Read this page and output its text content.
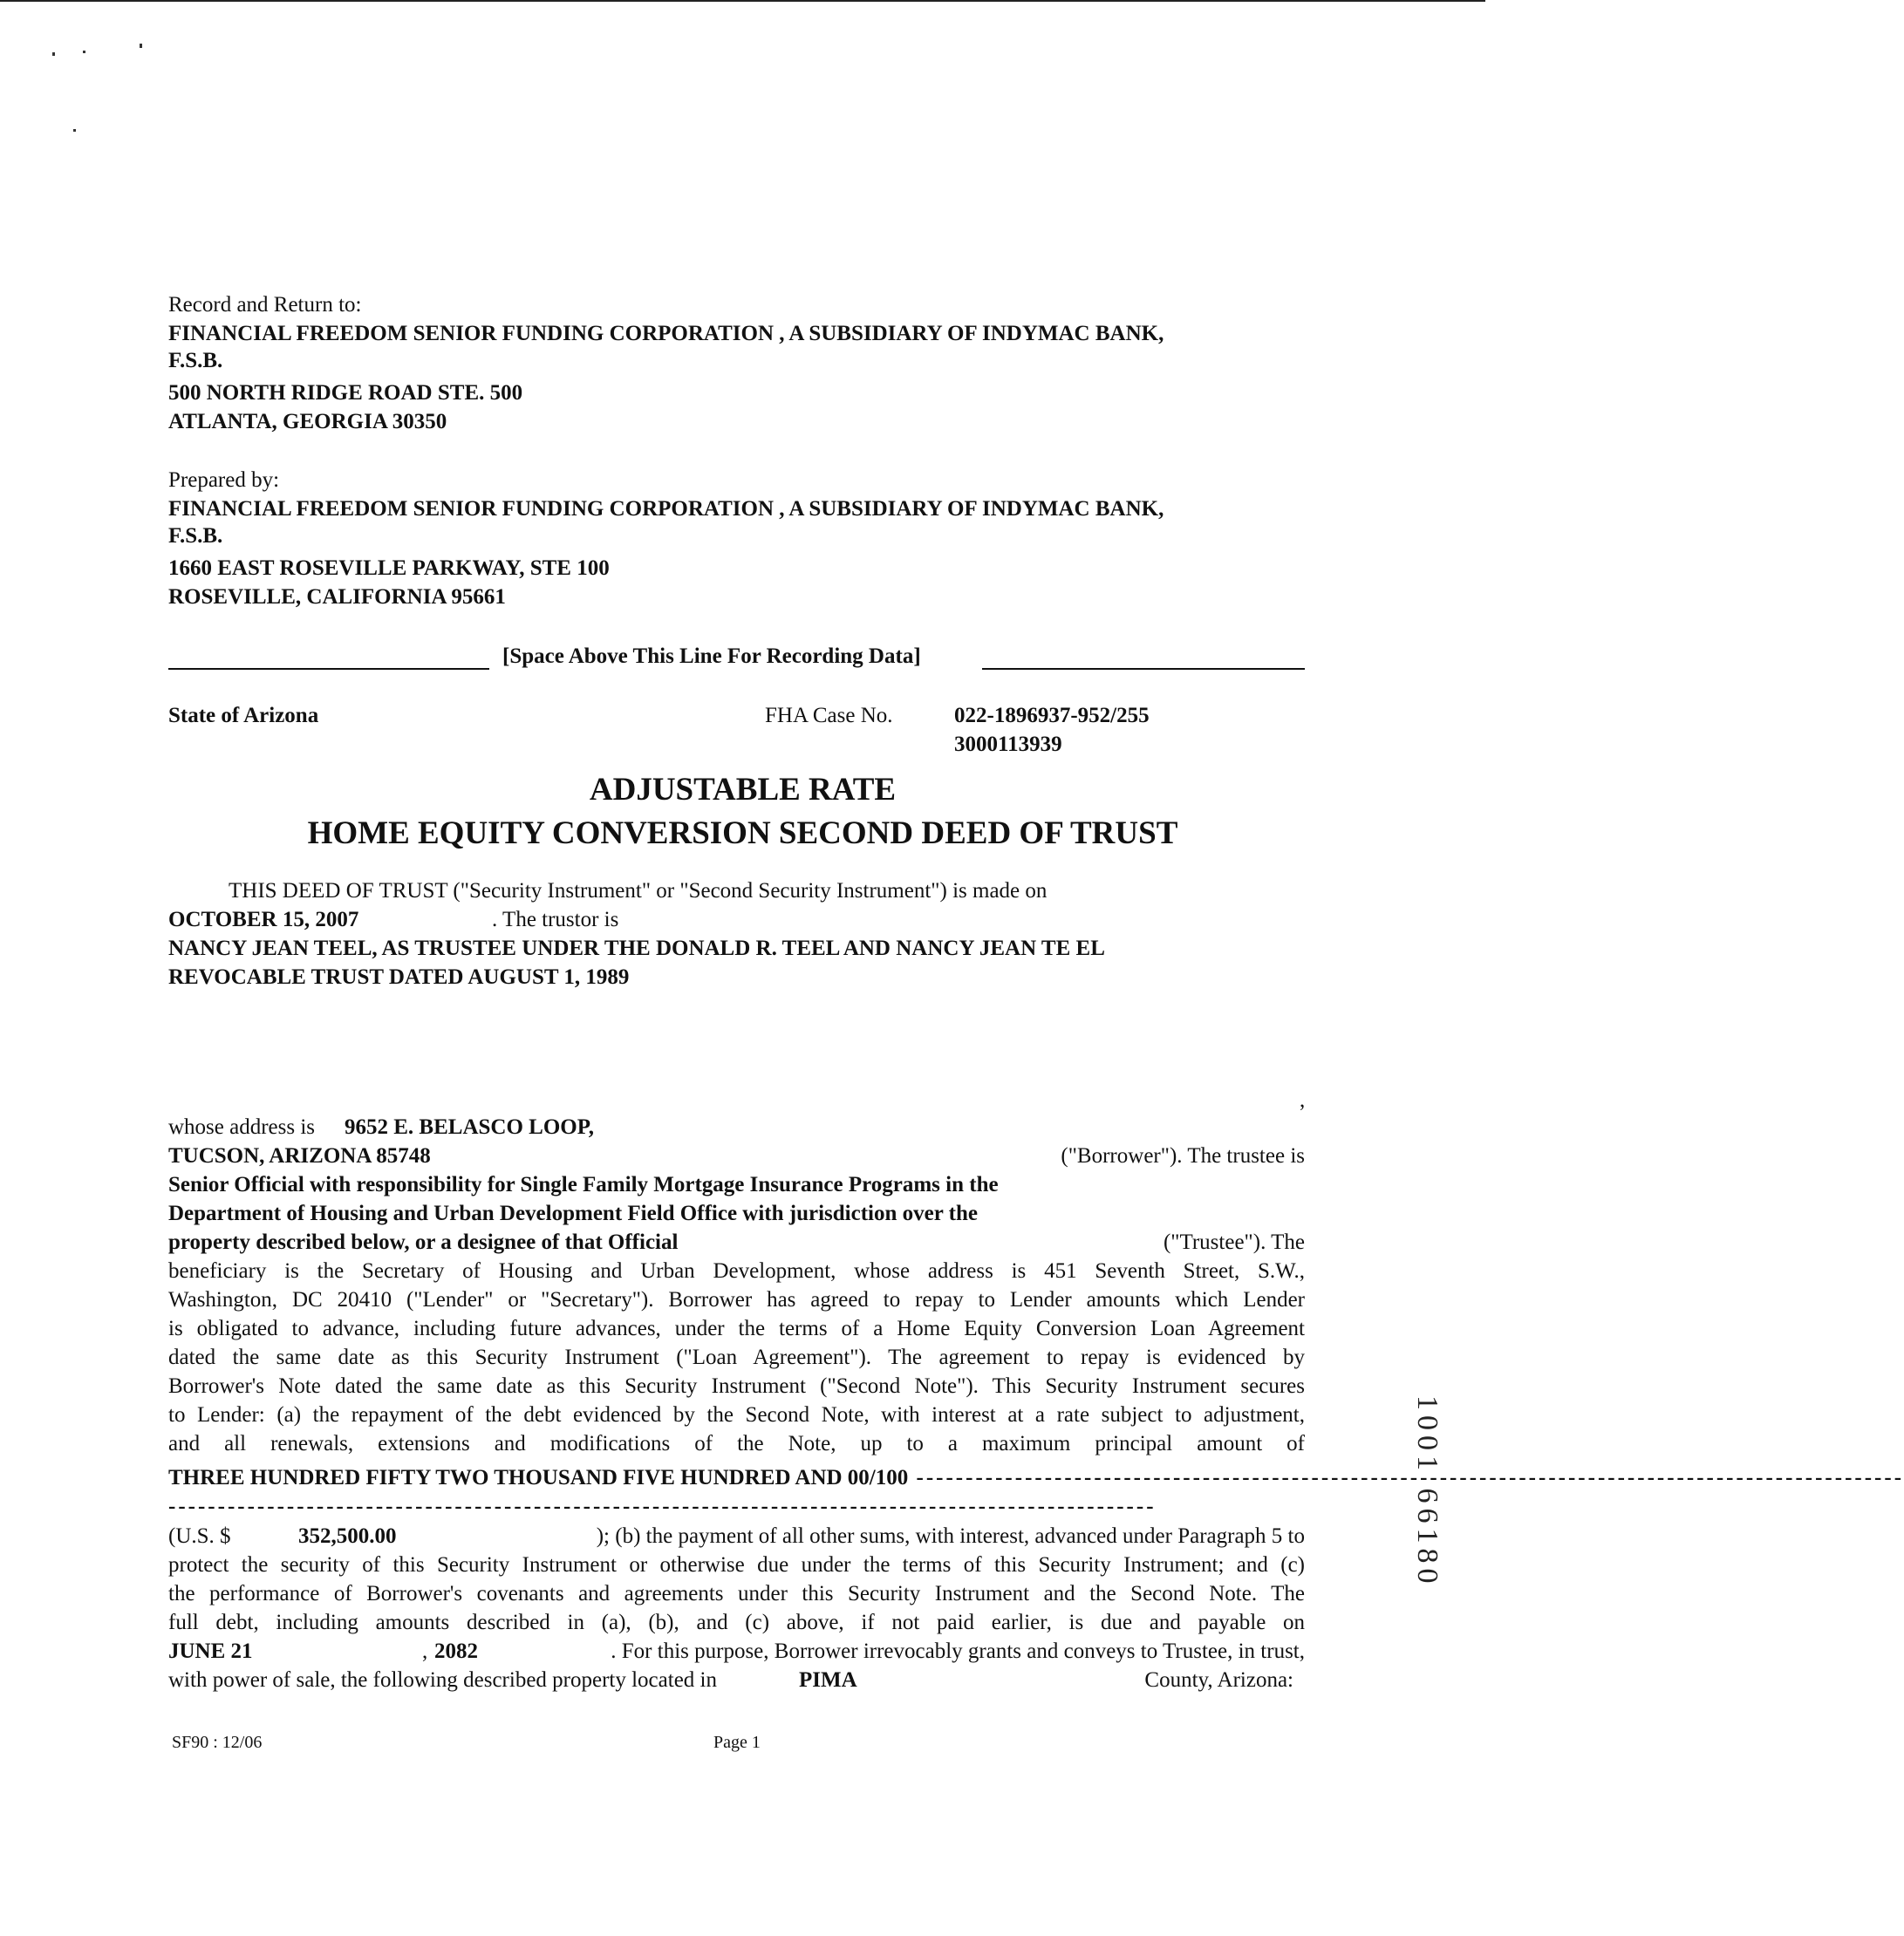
Record and Return to:
FINANCIAL FREEDOM SENIOR FUNDING CORPORATION , A SUBSIDIARY OF INDYMAC BANK,
F.S.B.
500 NORTH RIDGE ROAD STE. 500
ATLANTA, GEORGIA 30350
Prepared by:
FINANCIAL FREEDOM SENIOR FUNDING CORPORATION , A SUBSIDIARY OF INDYMAC BANK,
F.S.B.
1660 EAST ROSEVILLE PARKWAY, STE 100
ROSEVILLE, CALIFORNIA 95661
[Space Above This Line For Recording Data]
State of Arizona	FHA Case No.	022-1896937-952/255
3000113939
ADJUSTABLE RATE
HOME EQUITY CONVERSION SECOND DEED OF TRUST
THIS DEED OF TRUST ("Security Instrument" or "Second Security Instrument") is made on
OCTOBER 15, 2007	. The trustor is
NANCY JEAN TEEL, AS TRUSTEE UNDER THE DONALD R. TEEL AND NANCY JEAN TE EL
REVOCABLE TRUST DATED AUGUST 1, 1989
,
whose address is 9652 E. BELASCO LOOP,
TUCSON, ARIZONA 85748	("Borrower"). The trustee is
Senior Official with responsibility for Single Family Mortgage Insurance Programs in the
Department of Housing and Urban Development Field Office with jurisdiction over the
property described below, or a designee of that Official	("Trustee"). The
beneficiary is the Secretary of Housing and Urban Development, whose address is 451 Seventh Street, S.W.,
Washington, DC 20410 ("Lender" or "Secretary"). Borrower has agreed to repay to Lender amounts which Lender
is obligated to advance, including future advances, under the terms of a Home Equity Conversion Loan Agreement
dated the same date as this Security Instrument ("Loan Agreement"). The agreement to repay is evidenced by
Borrower's Note dated the same date as this Security Instrument ("Second Note"). This Security Instrument secures
to Lender: (a) the repayment of the debt evidenced by the Second Note, with interest at a rate subject to adjustment,
and all renewals, extensions and modifications of the Note, up to a maximum principal amount of
THREE HUNDRED FIFTY TWO THOUSAND FIVE HUNDRED AND 00/100 ----------------------------------------------------------------------------------------------------
----------------------------------------------------------------------------------------------------
(U.S. $	352,500.00	); (b) the payment of all other sums, with interest, advanced under Paragraph 5 to
protect the security of this Security Instrument or otherwise due under the terms of this Security Instrument; and (c)
the performance of Borrower's covenants and agreements under this Security Instrument and the Second Note. The
full debt, including amounts described in (a), (b), and (c) above, if not paid earlier, is due and payable on
JUNE 21	, 2082	. For this purpose, Borrower irrevocably grants and conveys to Trustee, in trust,
with power of sale, the following described property located in	PIMA	County, Arizona:
SF90 : 12/06	Page 1
1001 66180
